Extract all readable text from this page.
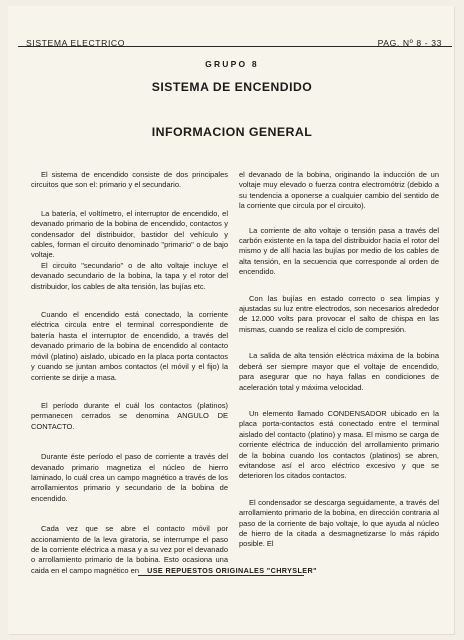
SISTEMA ELECTRICO	PAG. Nº 8 - 33
GRUPO 8
SISTEMA DE ENCENDIDO
INFORMACION GENERAL

El sistema de encendido consiste de dos principales circuitos que son el: primario y el secundario.

La batería, el voltímetro, el interruptor de encendido, el devanado primario de la bobina de encendido, contactos y condensador del distribuidor, bastidor del vehículo y cables, forman el circuito denominado "primario" o de bajo voltaje.

El circuito "secundario" o de alto voltaje incluye el devanado secundario de la bobina, la tapa y el rotor del distribuidor, los cables de alta tensión, las bujías etc.

Cuando el encendido está conectado, la corriente eléctrica circula entre el terminal correspondiente de batería hasta el interruptor de encendido, a través del devanado primario de la bobina de encendido al contacto móvil (platino) aislado, ubicado en la placa porta contactos y cuando se juntan ambos contactos (el móvil y el fijo) la corriente se dirije a masa.

El período durante el cuál los contactos (platinos) permanecen cerrados se denomina ANGULO DE CONTACTO.

Durante éste período el paso de corriente a través del devanado primario magnetiza el núcleo de hierro laminado, lo cuál crea un campo magnético a través de los arrollamientos primario y secundario de la bobina de encendido.

Cada vez que se abre el contacto móvil por accionamiento de la leva giratoria, se interrumpe el paso de la corriente eléctrica a masa y a su vez por el devanado o arrollamiento primario de la bobina. Esto ocasiona una caida en el campo magnético en

el devanado de la bobina, originando la inducción de un voltaje muy elevado o fuerza contra electromótriz (debido a su tendencia a oponerse a cualquier cambio del sentido de la corriente que circula por el circuito).

La corriente de alto voltaje o tensión pasa a través del carbón existente en la tapa del distribuidor hacia el rotor del mismo y de allí hacia las bujías por medio de los cables de alta tensión, en la secuencia que corresponde al orden de encendido.

Con las bujías en estado correcto o sea limpias y ajustadas su luz entre electrodos, son necesarios alrededor de 12.000 volts para provocar el salto de chispa en las mismas, cuando se realiza el ciclo de compresión.

La salida de alta tensión eléctrica máxima de la bobina deberá ser siempre mayor que el voltaje de encendido, para asegurar que no haya fallas en condiciones de aceleración total y máxima velocidad.

Un elemento llamado CONDENSADOR ubicado en la placa porta-contactos está conectado entre el terminal aislado del contacto (platino) y masa. El mismo se carga de corriente eléctrica de inducción del arrollamiento primario de la bobina cuando los contactos (platinos) se abren, evitandose así el arco eléctrico excesivo y que se deterioren los citados contactos.

El condensador se descarga seguidamente, a través del arrollamiento primario de la bobina, en dirección contraria al paso de la corriente de bajo voltaje, lo que ayuda al núcleo de hierro de la citada a desmagnetizarse lo más rápido posible. El

USE REPUESTOS ORIGINALES "CHRYSLER"
